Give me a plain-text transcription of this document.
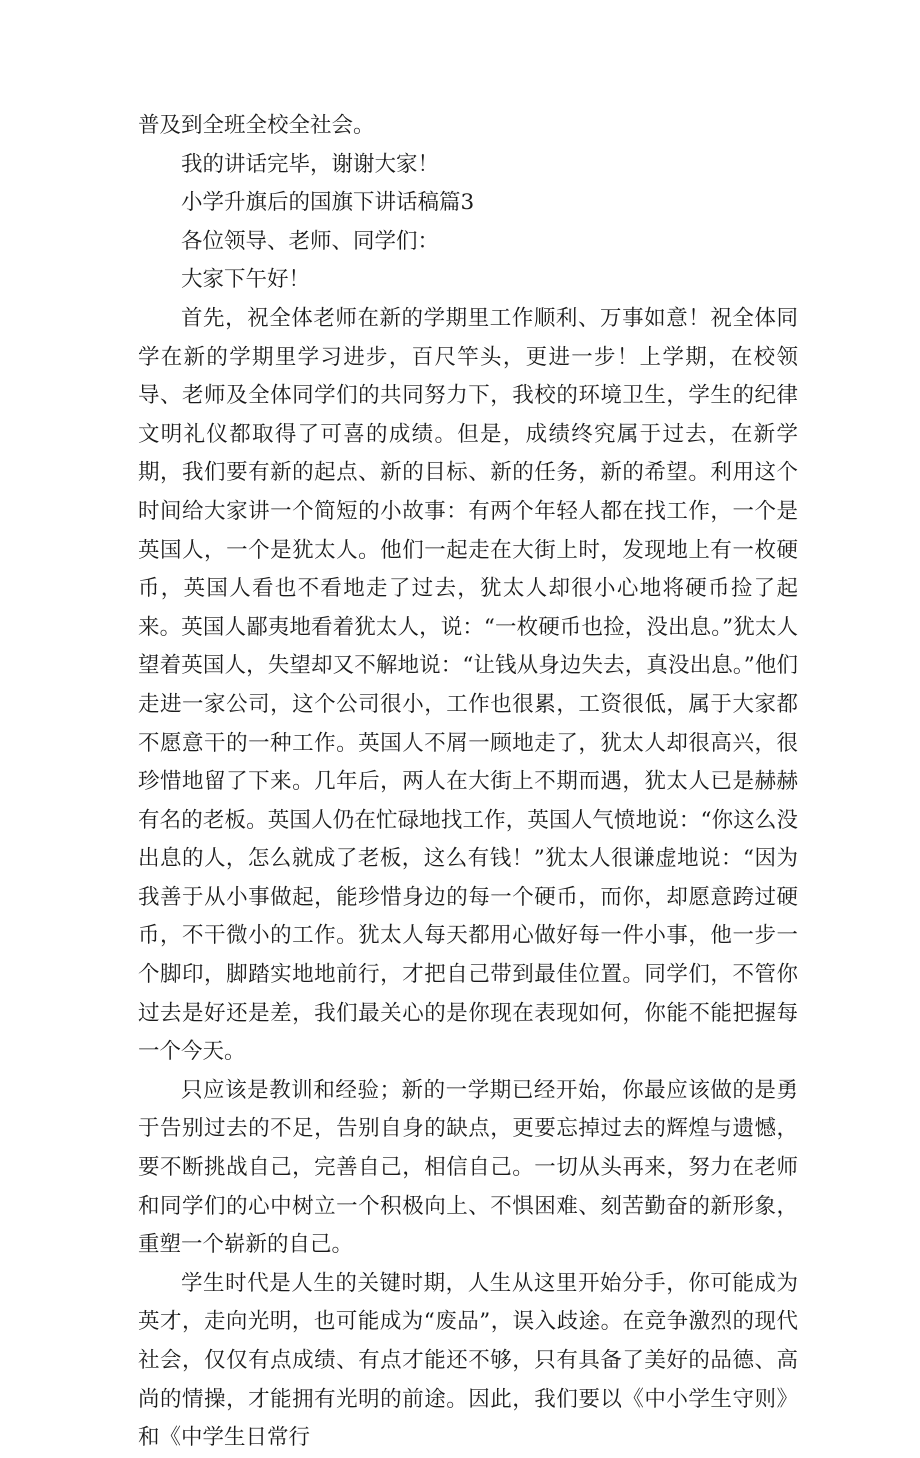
普及到全班全校全社会。

我的讲话完毕，谢谢大家！

小学升旗后的国旗下讲话稿篇3

各位领导、老师、同学们：

大家下午好！

首先，祝全体老师在新的学期里工作顺利、万事如意！祝全体同学在新的学期里学习进步，百尺竿头，更进一步！上学期，在校领导、老师及全体同学们的共同努力下，我校的环境卫生，学生的纪律文明礼仪都取得了可喜的成绩。但是，成绩终究属于过去，在新学期，我们要有新的起点、新的目标、新的任务，新的希望。利用这个时间给大家讲一个简短的小故事：有两个年轻人都在找工作，一个是英国人，一个是犹太人。他们一起走在大街上时，发现地上有一枚硬币，英国人看也不看地走了过去，犹太人却很小心地将硬币捡了起来。英国人鄙夷地看着犹太人，说：“一枚硬币也捡，没出息。”犹太人望着英国人，失望却又不解地说：“让钱从身边失去，真没出息。”他们走进一家公司，这个公司很小，工作也很累，工资很低，属于大家都不愿意干的一种工作。英国人不屑一顾地走了，犹太人却很高兴，很珍惜地留了下来。几年后，两人在大街上不期而遇，犹太人已是赫赫有名的老板。英国人仍在忙碌地找工作，英国人气愤地说：“你这么没出息的人，怎么就成了老板，这么有钱！”犹太人很谦虚地说：“因为我善于从小事做起，能珍惜身边的每一个硬币，而你，却愿意跨过硬币，不干微小的工作。犹太人每天都用心做好每一件小事，他一步一个脚印，脚踏实地地前行，才把自己带到最佳位置。同学们，不管你过去是好还是差，我们最关心的是你现在表现如何，你能不能把握每一个今天。

只应该是教训和经验；新的一学期已经开始，你最应该做的是勇于告别过去的不足，告别自身的缺点，更要忘掉过去的辉煌与遗憾，要不断挑战自己，完善自己，相信自己。一切从头再来，努力在老师和同学们的心中树立一个积极向上、不惧困难、刻苦勤奋的新形象，重塑一个崭新的自己。

学生时代是人生的关键时期，人生从这里开始分手，你可能成为英才，走向光明，也可能成为“废品”，误入歧途。在竞争激烈的现代社会，仅仅有点成绩、有点才能还不够，只有具备了美好的品德、高尚的情操，才能拥有光明的前途。因此，我们要以《中小学生守则》和《中学生日常行
